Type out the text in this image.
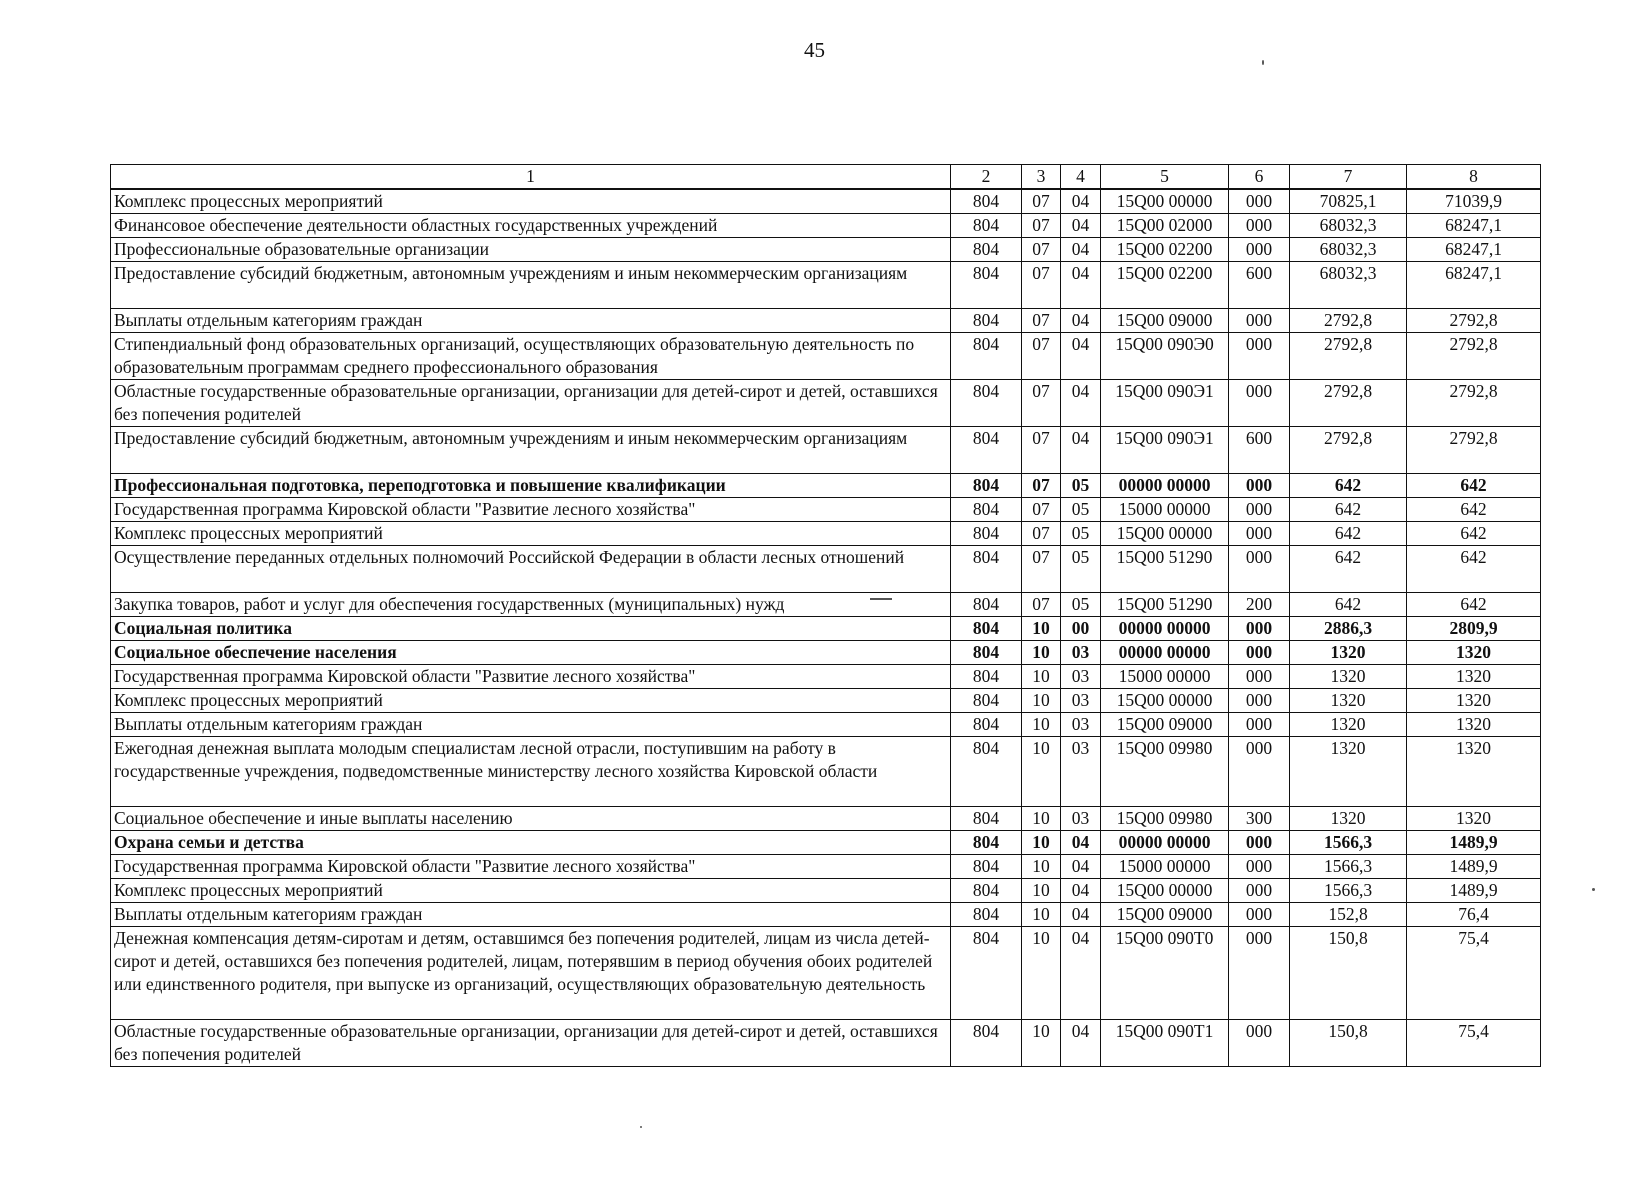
45
1	2	3	4	5	6	7	8
Комплекс процессных мероприятий	804	07	04	15Q00 00000	000	70825,1	71039,9
Финансовое обеспечение деятельности областных государственных учреждений	804	07	04	15Q00 02000	000	68032,3	68247,1
Профессиональные образовательные организации	804	07	04	15Q00 02200	000	68032,3	68247,1
Предоставление субсидий бюджетным, автономным учреждениям и иным некоммерческим организациям	804	07	04	15Q00 02200	600	68032,3	68247,1
Выплаты отдельным категориям граждан	804	07	04	15Q00 09000	000	2792,8	2792,8
Стипендиальный фонд образовательных организаций, осуществляющих образовательную деятельность по образовательным программам среднего профессионального образования	804	07	04	15Q00 090Э0	000	2792,8	2792,8
Областные государственные образовательные организации, организации для детей-сирот и детей, оставшихся без попечения родителей	804	07	04	15Q00 090Э1	000	2792,8	2792,8
Предоставление субсидий бюджетным, автономным учреждениям и иным некоммерческим организациям	804	07	04	15Q00 090Э1	600	2792,8	2792,8
Профессиональная подготовка, переподготовка и повышение квалификации	804	07	05	00000 00000	000	642	642
Государственная программа Кировской области "Развитие лесного хозяйства"	804	07	05	15000 00000	000	642	642
Комплекс процессных мероприятий	804	07	05	15Q00 00000	000	642	642
Осуществление переданных отдельных полномочий Российской Федерации в области лесных отношений	804	07	05	15Q00 51290	000	642	642
Закупка товаров, работ и услуг для обеспечения государственных (муниципальных) нужд	804	07	05	15Q00 51290	200	642	642
Социальная политика	804	10	00	00000 00000	000	2886,3	2809,9
Социальное обеспечение населения	804	10	03	00000 00000	000	1320	1320
Государственная программа Кировской области "Развитие лесного хозяйства"	804	10	03	15000 00000	000	1320	1320
Комплекс процессных мероприятий	804	10	03	15Q00 00000	000	1320	1320
Выплаты отдельным категориям граждан	804	10	03	15Q00 09000	000	1320	1320
Ежегодная денежная выплата молодым специалистам лесной отрасли, поступившим на работу в государственные учреждения, подведомственные министерству лесного хозяйства Кировской области	804	10	03	15Q00 09980	000	1320	1320
Социальное обеспечение и иные выплаты населению	804	10	03	15Q00 09980	300	1320	1320
Охрана семьи и детства	804	10	04	00000 00000	000	1566,3	1489,9
Государственная программа Кировской области "Развитие лесного хозяйства"	804	10	04	15000 00000	000	1566,3	1489,9
Комплекс процессных мероприятий	804	10	04	15Q00 00000	000	1566,3	1489,9
Выплаты отдельным категориям граждан	804	10	04	15Q00 09000	000	152,8	76,4
Денежная компенсация детям-сиротам и детям, оставшимся без попечения родителей, лицам из числа детей-сирот и детей, оставшихся без попечения родителей, лицам, потерявшим в период обучения обоих родителей или единственного родителя, при выпуске из организаций, осуществляющих образовательную деятельность	804	10	04	15Q00 090Т0	000	150,8	75,4
Областные государственные образовательные организации, организации для детей-сирот и детей, оставшихся без попечения родителей	804	10	04	15Q00 090Т1	000	150,8	75,4
